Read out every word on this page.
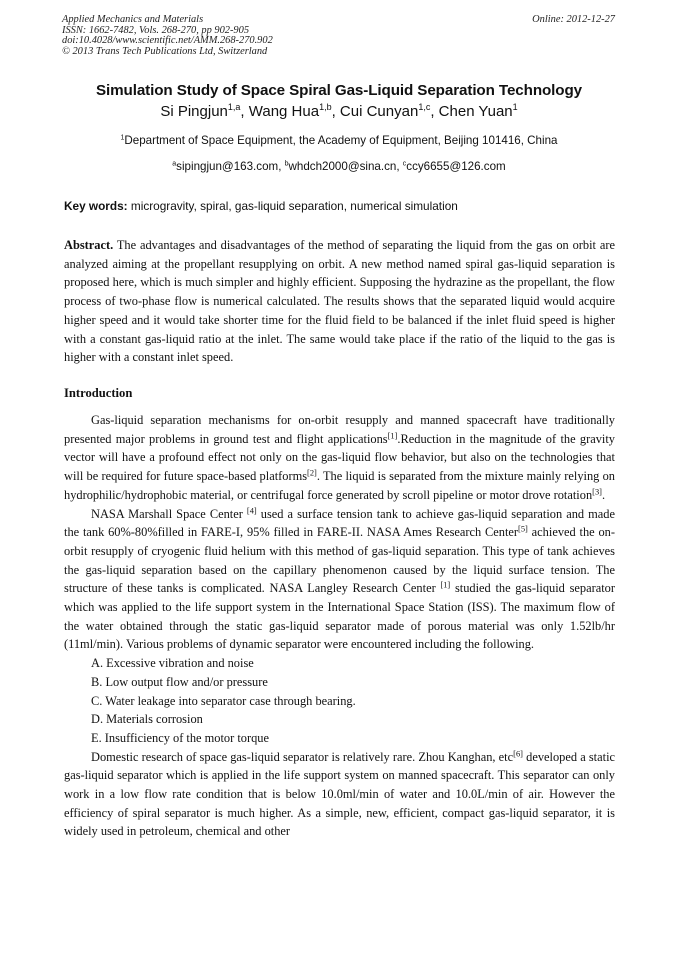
Applied Mechanics and Materials
ISSN: 1662-7482, Vols. 268-270, pp 902-905
doi:10.4028/www.scientific.net/AMM.268-270.902
© 2013 Trans Tech Publications Ltd, Switzerland
Online: 2012-12-27
Simulation Study of Space Spiral Gas-Liquid Separation Technology
Si Pingjun$^{1,a}$, Wang Hua$^{1,b}$, Cui Cunyan$^{1,c}$, Chen Yuan$^1$
$^1$Department of Space Equipment, the Academy of Equipment, Beijing 101416, China
$^a$sipingjun@163.com, $^b$whdch2000@sina.cn, $^c$ccy6655@126.com
Key words: microgravity, spiral, gas-liquid separation, numerical simulation
Abstract. The advantages and disadvantages of the method of separating the liquid from the gas on orbit are analyzed aiming at the propellant resupplying on orbit. A new method named spiral gas-liquid separation is proposed here, which is much simpler and highly efficient. Supposing the hydrazine as the propellant, the flow process of two-phase flow is numerical calculated. The results shows that the separated liquid would acquire higher speed and it would take shorter time for the fluid field to be balanced if the inlet fluid speed is higher with a constant gas-liquid ratio at the inlet. The same would take place if the ratio of the liquid to the gas is higher with a constant inlet speed.
Introduction

Gas-liquid separation mechanisms for on-orbit resupply and manned spacecraft have traditionally presented major problems in ground test and flight applications[1].Reduction in the magnitude of the gravity vector will have a profound effect not only on the gas-liquid flow behavior, but also on the technologies that will be required for future space-based platforms[2]. The liquid is separated from the mixture mainly relying on hydrophilic/hydrophobic material, or centrifugal force generated by scroll pipeline or motor drove rotation[3].

NASA Marshall Space Center [4] used a surface tension tank to achieve gas-liquid separation and made the tank 60%-80%filled in FARE-I, 95% filled in FARE-II. NASA Ames Research Center[5] achieved the on-orbit resupply of cryogenic fluid helium with this method of gas-liquid separation. This type of tank achieves the gas-liquid separation based on the capillary phenomenon caused by the liquid surface tension. The structure of these tanks is complicated. NASA Langley Research Center [1] studied the gas-liquid separator which was applied to the life support system in the International Space Station (ISS). The maximum flow of the water obtained through the static gas-liquid separator made of porous material was only 1.52lb/hr (11ml/min). Various problems of dynamic separator were encountered including the following.

A. Excessive vibration and noise

B. Low output flow and/or pressure

C. Water leakage into separator case through bearing.

D. Materials corrosion

E. Insufficiency of the motor torque

Domestic research of space gas-liquid separator is relatively rare. Zhou Kanghan, etc[6] developed a static gas-liquid separator which is applied in the life support system on manned spacecraft. This separator can only work in a low flow rate condition that is below 10.0ml/min of water and 10.0L/min of air. However the efficiency of spiral separator is much higher. As a simple, new, efficient, compact gas-liquid separator, it is widely used in petroleum, chemical and other
